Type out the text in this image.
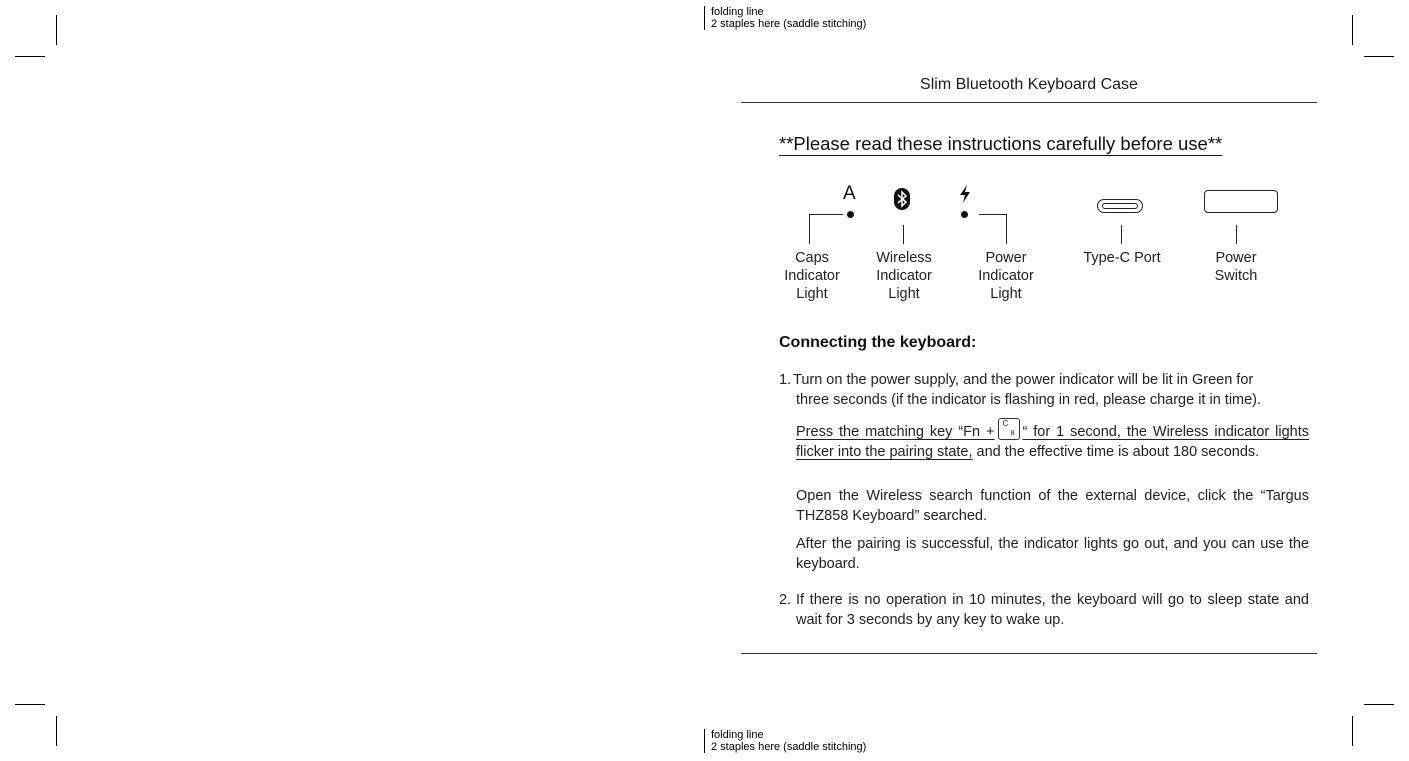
folding line
2 staples here (saddle stitching)
folding line
2 staples here (saddle stitching)
Slim Bluetooth Keyboard Case
**Please read these instructions carefully before use**
A
Caps
Indicator
Light
Wireless
Indicator
Light
Power
Indicator
Light
Type-C Port	Power
Switch
Connecting the keyboard:
1. Turn on the power supply, and the power indicator will be lit in Green for
three seconds (if the indicator is flashing in red, please charge it in time).
Press the matching key “Fn +
C
8 “ for 1 second, the Wireless indicator lights flicker into the pairing state, and the effective time is about 180 seconds.
Open the Wireless search function of the external device, click the “Targus THZ858 Keyboard” searched.
After the pairing is successful, the indicator lights go out, and you can use the keyboard.
2. If there is no operation in 10 minutes, the keyboard will go to sleep state and wait for 3 seconds by any key to wake up.
